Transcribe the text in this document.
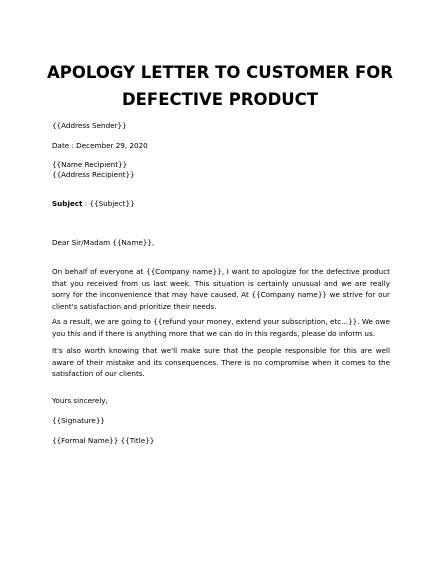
APOLOGY LETTER TO CUSTOMER FOR
DEFECTIVE PRODUCT
{{Address Sender}}
Date : December 29, 2020
{{Name Recipient}}
{{Address Recipient}}
Subject : {{Subject}}
Dear Sir/Madam {{Name}},
On behalf of everyone at {{Company name}}, I want to apologize for the defective product that you received from us last week. This situation is certainly unusual and we are really sorry for the inconvenience that may have caused. At {{Company name}} we strive for our client's satisfaction and prioritize their needs.
As a result, we are going to {{refund your money, extend your subscription, etc...}}. We owe you this and if there is anything more that we can do in this regards, please do inform us.
It's also worth knowing that we'll make sure that the people responsible for this are well aware of their mistake and its consequences. There is no compromise when it comes to the satisfaction of our clients.
Yours sincerely,
{{Signature}}
{{Formal Name}} {{Title}}
